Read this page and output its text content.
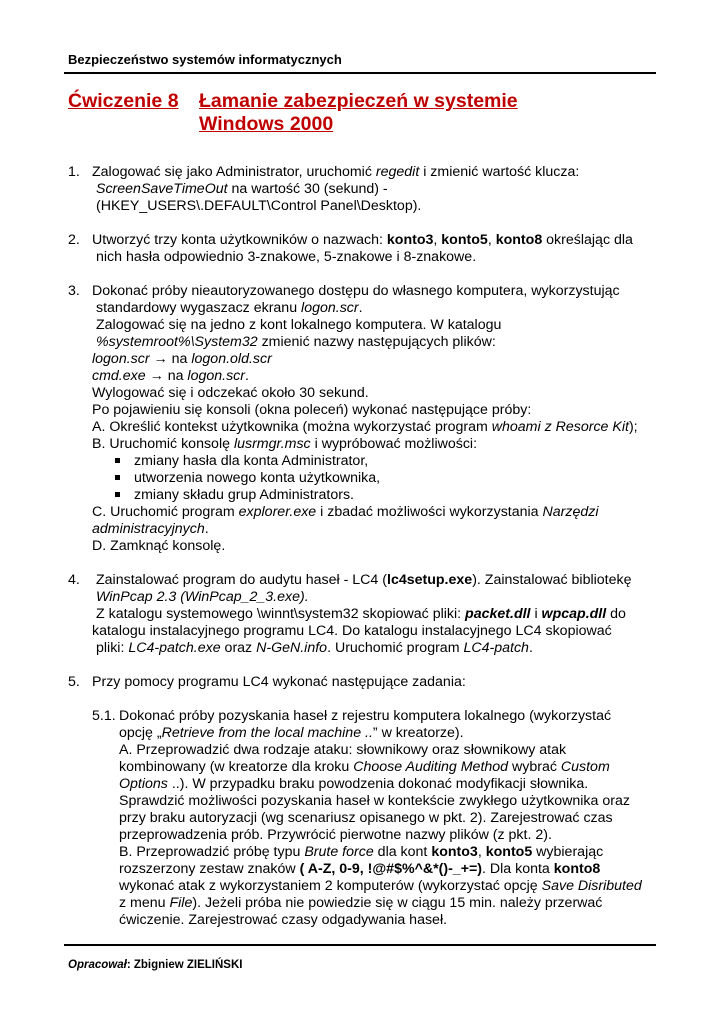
Bezpieczeństwo systemów informatycznych
Ćwiczenie 8 Łamanie zabezpieczeń w systemie
Windows 2000
1. Zalogować się jako Administrator, uruchomić regedit i zmienić wartość klucza:
ScreenSaveTimeOut na wartość 30 (sekund) -
(HKEY_USERS\.DEFAULT\Control Panel\Desktop).
2. Utworzyć trzy konta użytkowników o nazwach: konto3, konto5, konto8 określając dla
nich hasła odpowiednio 3-znakowe, 5-znakowe i 8-znakowe.
3. Dokonać próby nieautoryzowanego dostępu do własnego komputera, wykorzystując
standardowy wygaszacz ekranu logon.scr.
Zalogować się na jedno z kont lokalnego komputera. W katalogu
%systemroot%\System32 zmienić nazwy następujących plików:
logon.scr → na logon.old.scr
cmd.exe → na logon.scr.
Wylogować się i odczekać około 30 sekund.
Po pojawieniu się konsoli (okna poleceń) wykonać następujące próby:
A. Określić kontekst użytkownika (można wykorzystać program whoami z Resorce Kit);
B. Uruchomić konsolę lusrmgr.msc i wypróbować możliwości:
zmiany hasła dla konta Administrator,
utworzenia nowego konta użytkownika,
zmiany składu grup Administrators.
C. Uruchomić program explorer.exe i zbadać możliwości wykorzystania Narzędzi
administracyjnych.
D. Zamknąć konsolę.
4. Zainstalować program do audytu haseł - LC4 (lc4setup.exe). Zainstalować bibliotekę
WinPcap 2.3 (WinPcap_2_3.exe).
Z katalogu systemowego \winnt\system32 skopiować pliki: packet.dll i wpcap.dll do
katalogu instalacyjnego programu LC4. Do katalogu instalacyjnego LC4 skopiować
pliki: LC4-patch.exe oraz N-GeN.info. Uruchomić program LC4-patch.
5. Przy pomocy programu LC4 wykonać następujące zadania:
5.1. Dokonać próby pozyskania haseł z rejestru komputera lokalnego (wykorzystać
opcję „Retrieve from the local machine ..” w kreatorze).
A. Przeprowadzić dwa rodzaje ataku: słownikowy oraz słownikowy atak
kombinowany (w kreatorze dla kroku Choose Auditing Method wybrać Custom
Options ..). W przypadku braku powodzenia dokonać modyfikacji słownika.
Sprawdzić możliwości pozyskania haseł w kontekście zwykłego użytkownika oraz
przy braku autoryzacji (wg scenariusz opisanego w pkt. 2). Zarejestrować czas
przeprowadzenia prób. Przywrócić pierwotne nazwy plików (z pkt. 2).
B. Przeprowadzić próbę typu Brute force dla kont konto3, konto5 wybierając
rozszerzony zestaw znaków ( A-Z, 0-9, !@#$%^&*()-_+=). Dla konta konto8
wykonać atak z wykorzystaniem 2 komputerów (wykorzystać opcję Save Disributed
z menu File). Jeżeli próba nie powiedzie się w ciągu 15 min. należy przerwać
ćwiczenie. Zarejestrować czasy odgadywania haseł.
Opracował: Zbigniew ZIELIŃSKI
